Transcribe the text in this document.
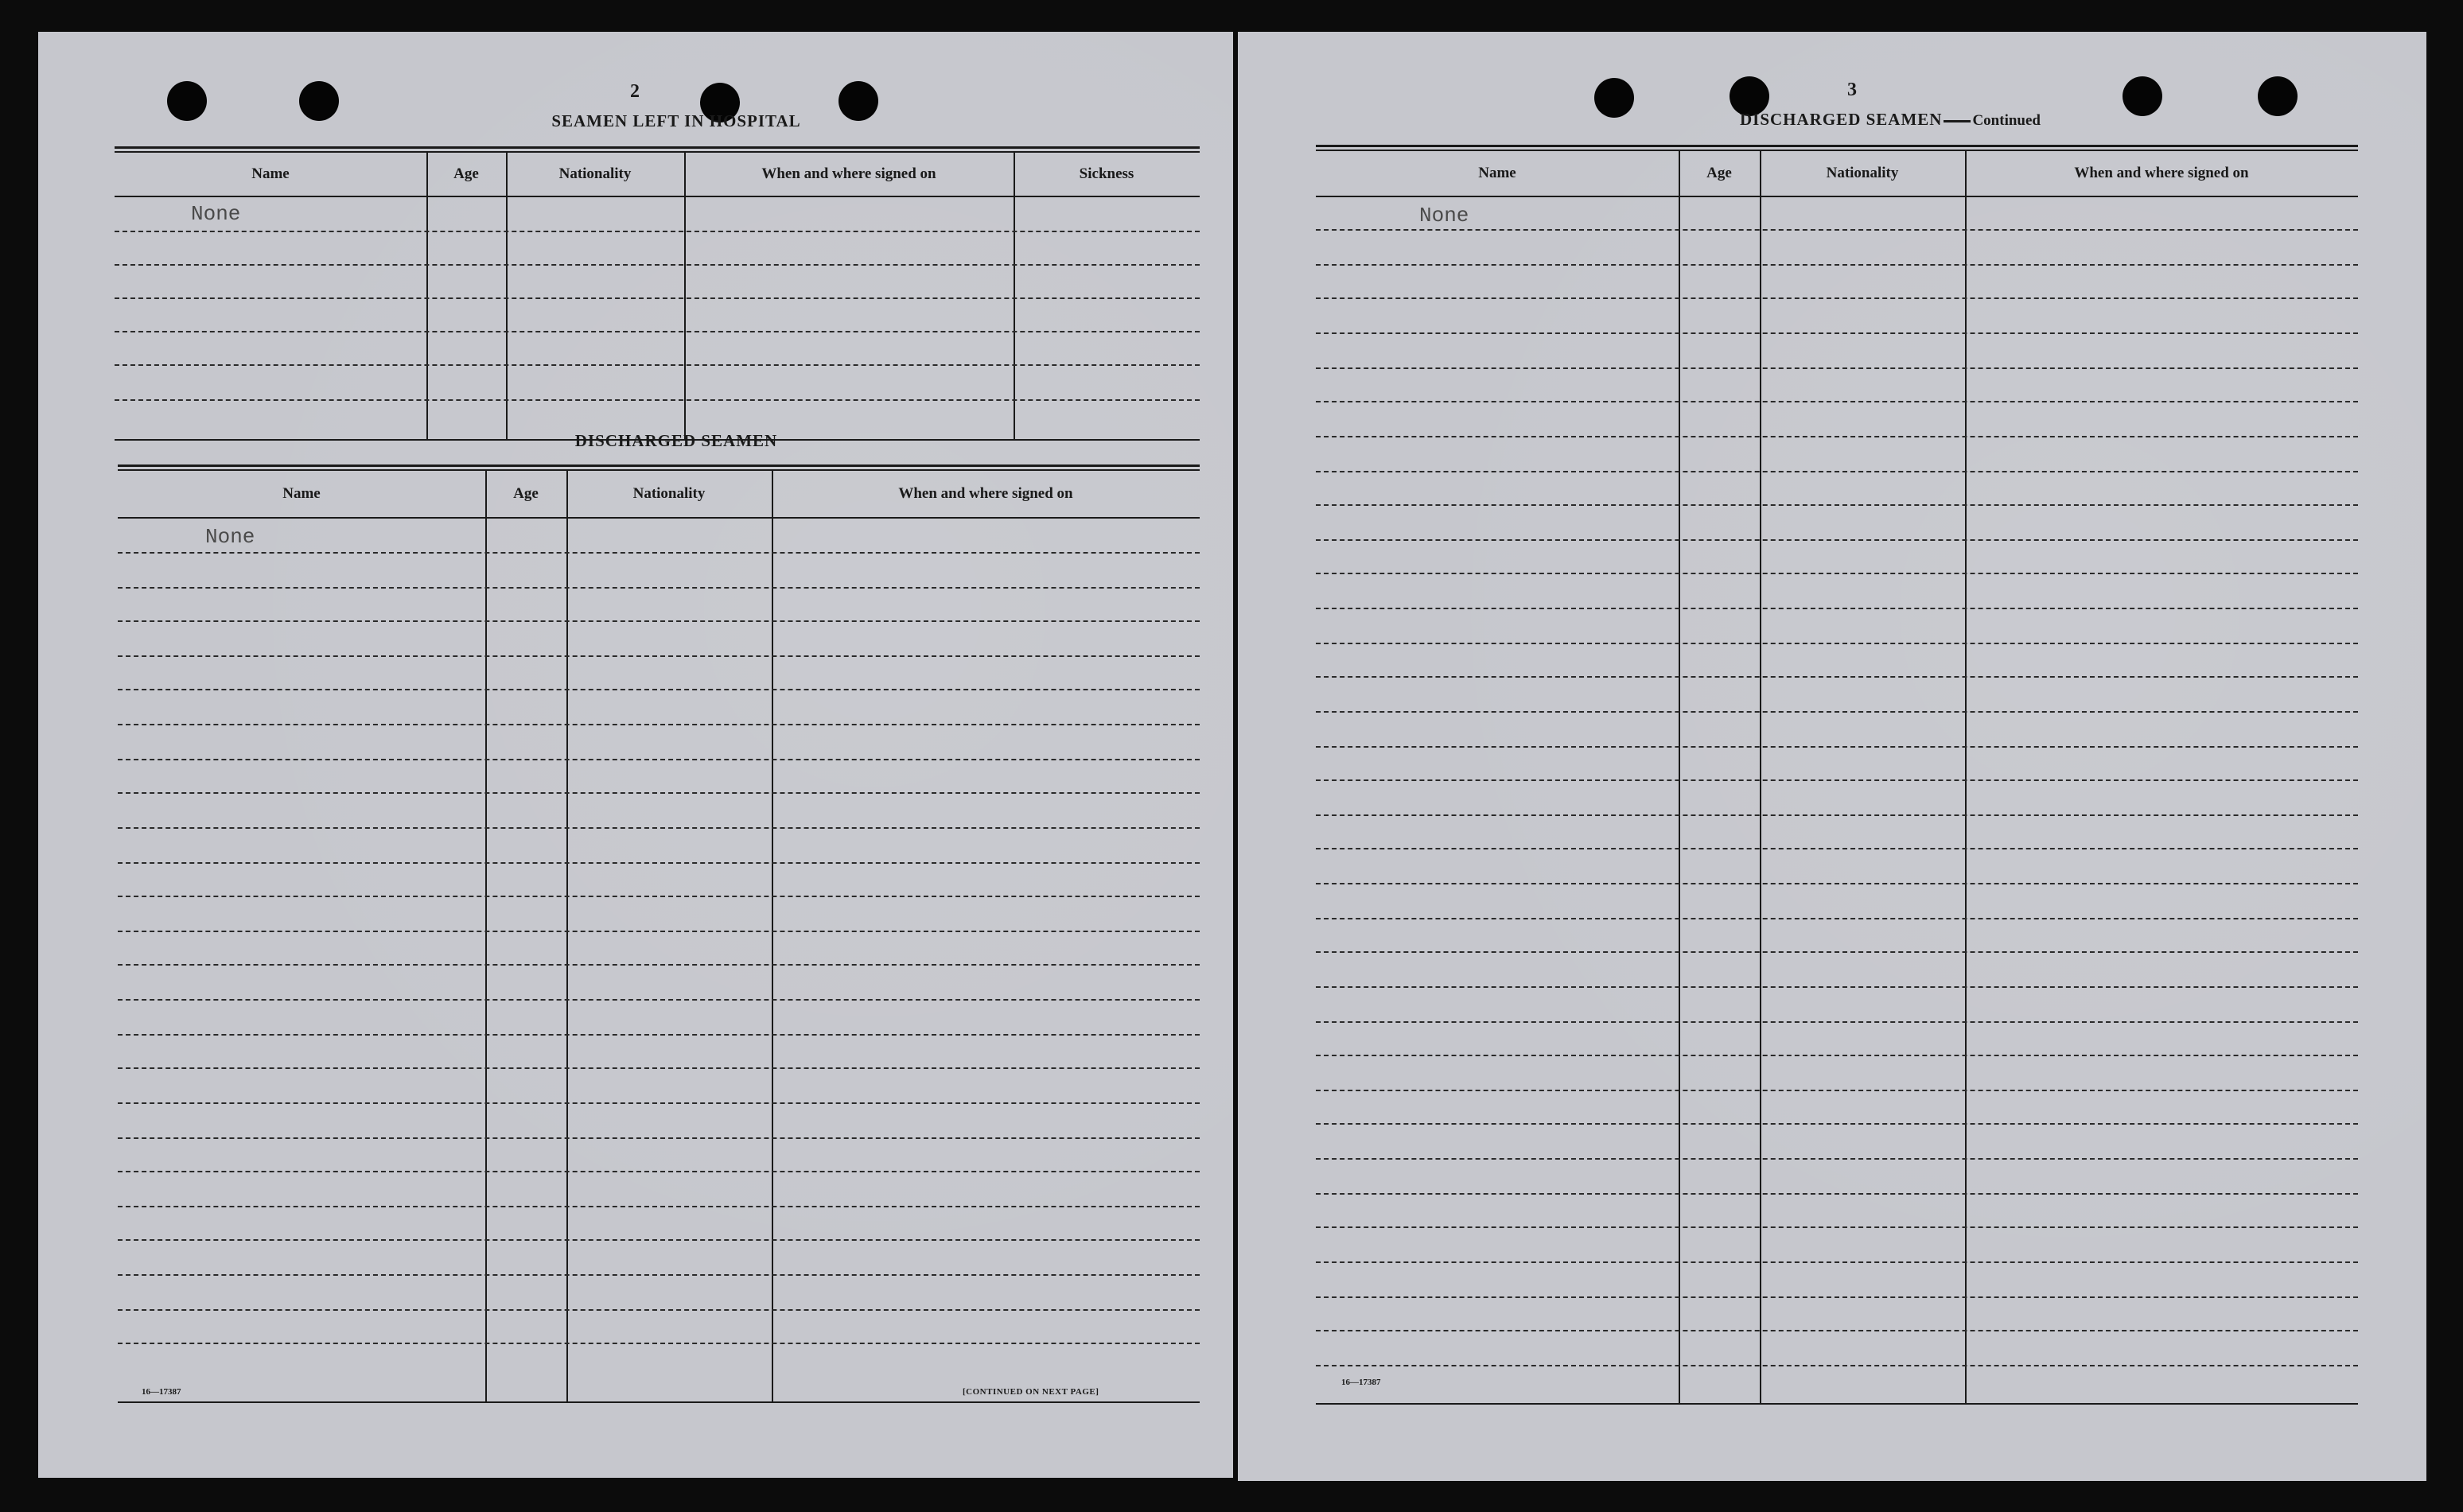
2
SEAMEN LEFT IN HOSPITAL
Name	Age	Nationality	When and where signed on	Sickness
None
DISCHARGED SEAMEN
Name	Age	Nationality	When and where signed on
None
16—17387	[CONTINUED ON NEXT PAGE]
3
DISCHARGED SEAMEN Continued
Name	Age	Nationality	When and where signed on
None
16—17387
